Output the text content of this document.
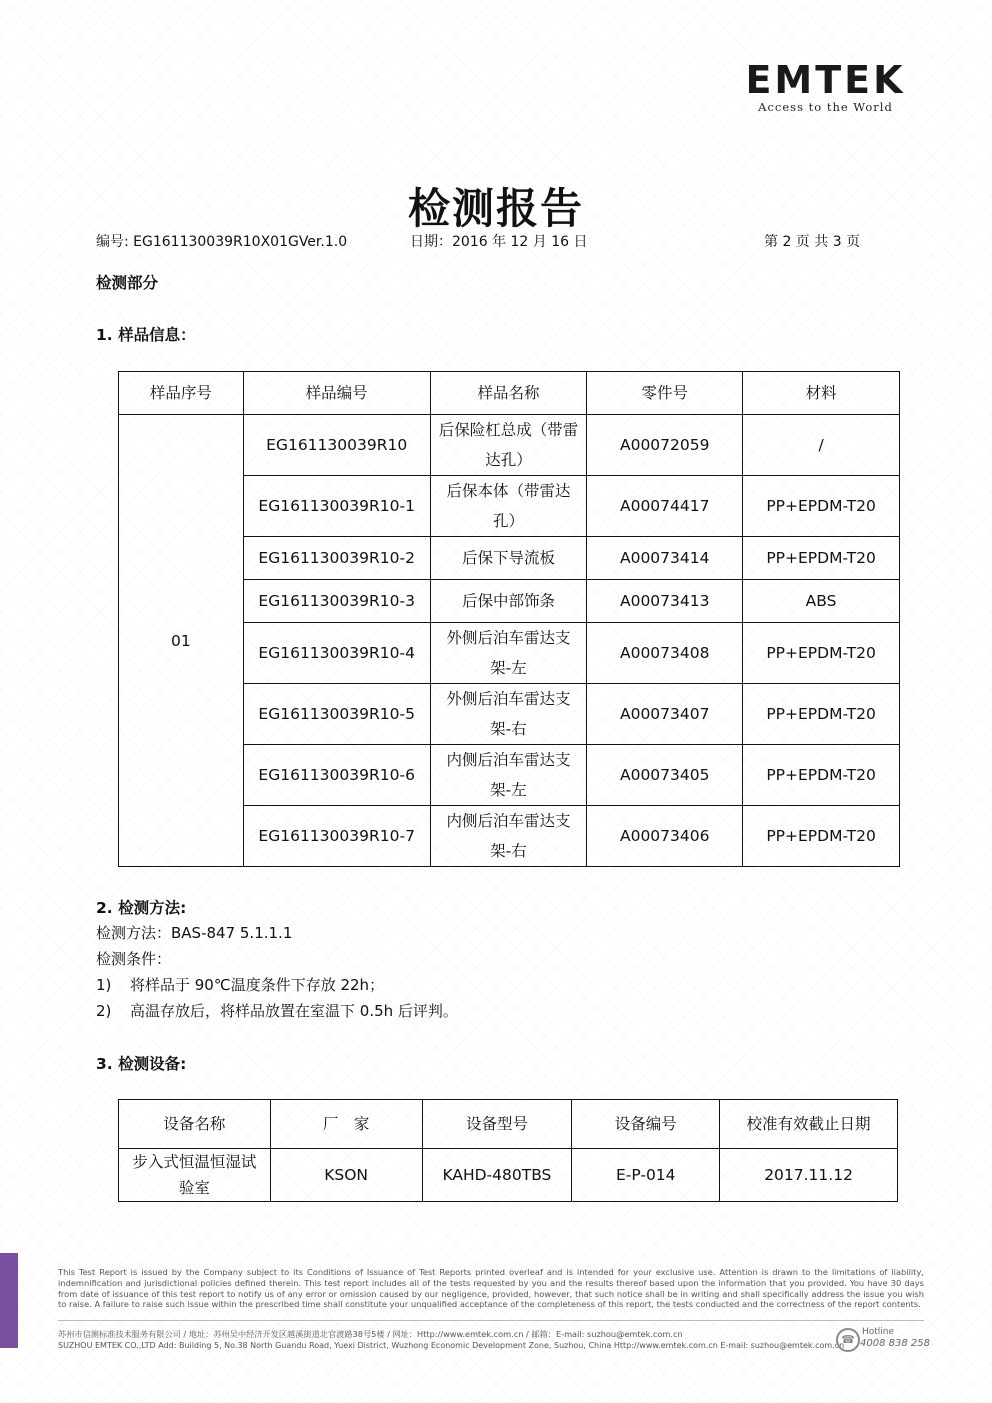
EMTEK
Access to the World
检测报告
编号: EG161130039R10X01GVer.1.0	日期：2016 年 12 月 16 日	第 2 页 共 3 页
检测部分
1. 样品信息：
样品序号	样品编号	样品名称	零件号	材料
01	EG161130039R10	后保险杠总成（带雷达孔）	A00072059	/
	EG161130039R10-1	后保本体（带雷达孔）	A00074417	PP+EPDM-T20
	EG161130039R10-2	后保下导流板	A00073414	PP+EPDM-T20
	EG161130039R10-3	后保中部饰条	A00073413	ABS
	EG161130039R10-4	外侧后泊车雷达支架-左	A00073408	PP+EPDM-T20
	EG161130039R10-5	外侧后泊车雷达支架-右	A00073407	PP+EPDM-T20
	EG161130039R10-6	内侧后泊车雷达支架-左	A00073405	PP+EPDM-T20
	EG161130039R10-7	内侧后泊车雷达支架-右	A00073406	PP+EPDM-T20
2. 检测方法:
检测方法：BAS-847 5.1.1.1
检测条件：
1) 将样品于 90℃温度条件下存放 22h；
2) 高温存放后，将样品放置在室温下 0.5h 后评判。
3. 检测设备:
设备名称	厂　家	设备型号	设备编号	校准有效截止日期
步入式恒温恒湿试验室	KSON	KAHD-480TBS	E-P-014	2017.11.12
This Test Report is issued by the Company subject to its Conditions of Issuance of Test Reports printed overleaf and is intended for your exclusive use. Attention is drawn to the limitations of liability, indemnification and jurisdictional policies defined therein. This test report includes all of the tests requested by you and the results thereof based upon the information that you provided. You have 30 days from date of issuance of this test report to notify us of any error or omission caused by our negligence, provided, however, that such notice shall be in writing and shall specifically address the issue you wish to raise. A failure to raise such issue within the prescribed time shall constitute your unqualified acceptance of the completeness of this report, the tests conducted and the correctness of the report contents.
苏州市信测标准技术服务有限公司 / 地址：苏州吴中经济开发区越溪街道北官渡路38号5楼 / 网址：Http://www.emtek.com.cn / 邮箱：E-mail: suzhou@emtek.com.cn
SUZHOU EMTEK CO.,LTD Add: Building 5, No.38 North Guandu Road, Yuexi District, Wuzhong Economic Development Zone, Suzhou, China Http://www.emtek.com.cn E-mail: suzhou@emtek.com.cn
☎
Hotline
4008 838 258
